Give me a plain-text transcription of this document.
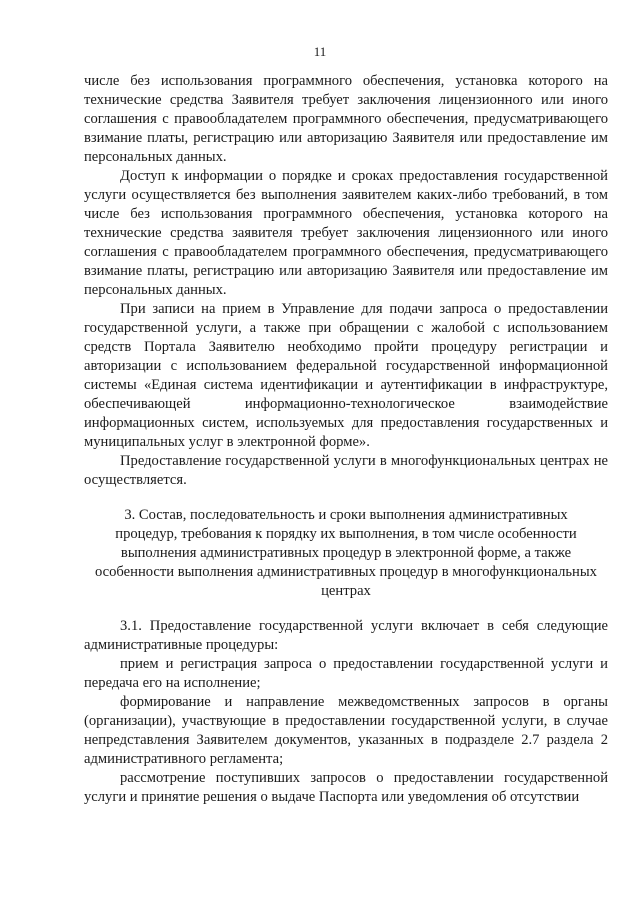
11

числе без использования программного обеспечения, установка которого на технические средства Заявителя требует заключения лицензионного или иного соглашения с правообладателем программного обеспечения, предусматривающего взимание платы, регистрацию или авторизацию Заявителя или предоставление им персональных данных.

Доступ к информации о порядке и сроках предоставления государственной услуги осуществляется без выполнения заявителем каких-либо требований, в том числе без использования программного обеспечения, установка которого на технические средства заявителя требует заключения лицензионного или иного соглашения с правообладателем программного обеспечения, предусматривающего взимание платы, регистрацию или авторизацию Заявителя или предоставление им персональных данных.

При записи на прием в Управление для подачи запроса о предоставлении государственной услуги, а также при обращении с жалобой с использованием средств Портала Заявителю необходимо пройти процедуру регистрации и авторизации с использованием федеральной государственной информационной системы «Единая система идентификации и аутентификации в инфраструктуре, обеспечивающей информационно-технологическое взаимодействие информационных систем, используемых для предоставления государственных и муниципальных услуг в электронной форме».

Предоставление государственной услуги в многофункциональных центрах не осуществляется.

3. Состав, последовательность и сроки выполнения административных процедур, требования к порядку их выполнения, в том числе особенности выполнения административных процедур в электронной форме, а также особенности выполнения административных процедур в многофункциональных центрах

3.1. Предоставление государственной услуги включает в себя следующие административные процедуры:

прием и регистрация запроса о предоставлении государственной услуги и передача его на исполнение;

формирование и направление межведомственных запросов в органы (организации), участвующие в предоставлении государственной услуги, в случае непредставления Заявителем документов, указанных в подразделе 2.7 раздела 2 административного регламента;

рассмотрение поступивших запросов о предоставлении государственной услуги и принятие решения о выдаче Паспорта или уведомления об отсутствии
